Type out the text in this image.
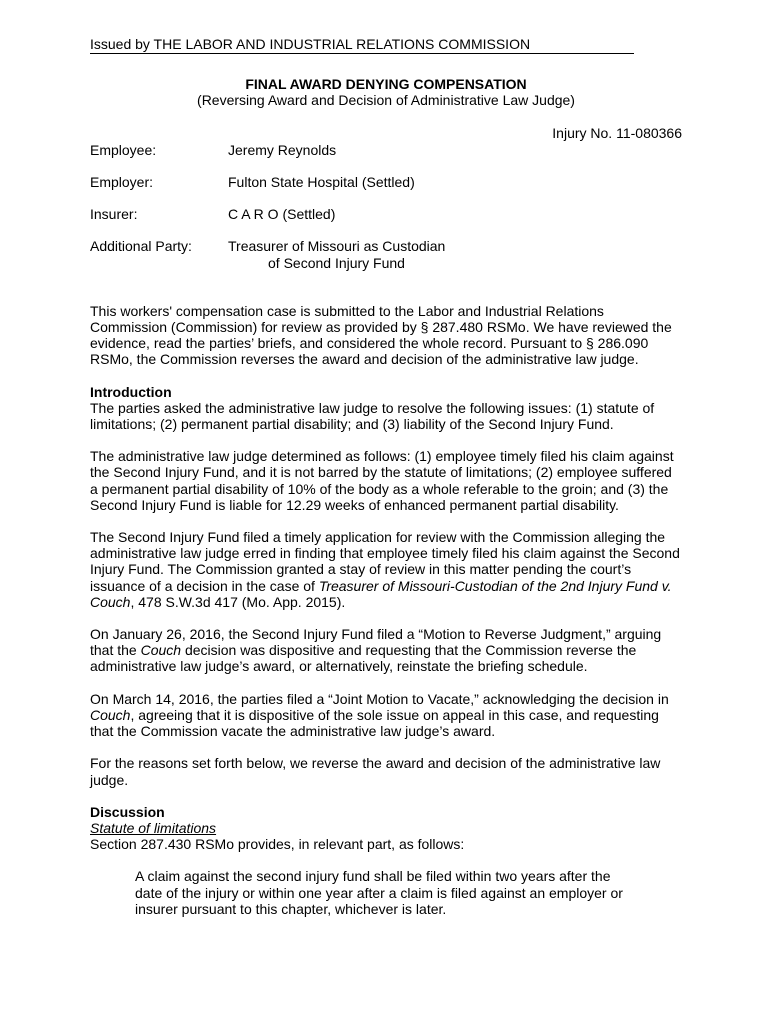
Issued by THE LABOR AND INDUSTRIAL RELATIONS COMMISSION
FINAL AWARD DENYING COMPENSATION
(Reversing Award and Decision of Administrative Law Judge)
Injury No. 11-080366
Employee:	Jeremy Reynolds
Employer:	Fulton State Hospital (Settled)
Insurer:	C A R O (Settled)
Additional Party:	Treasurer of Missouri as Custodian
of Second Injury Fund

This workers' compensation case is submitted to the Labor and Industrial Relations Commission (Commission) for review as provided by § 287.480 RSMo. We have reviewed the evidence, read the parties’ briefs, and considered the whole record. Pursuant to § 286.090 RSMo, the Commission reverses the award and decision of the administrative law judge.

Introduction

The parties asked the administrative law judge to resolve the following issues: (1) statute of limitations; (2) permanent partial disability; and (3) liability of the Second Injury Fund.

The administrative law judge determined as follows: (1) employee timely filed his claim against the Second Injury Fund, and it is not barred by the statute of limitations; (2) employee suffered a permanent partial disability of 10% of the body as a whole referable to the groin; and (3) the Second Injury Fund is liable for 12.29 weeks of enhanced permanent partial disability.

The Second Injury Fund filed a timely application for review with the Commission alleging the administrative law judge erred in finding that employee timely filed his claim against the Second Injury Fund. The Commission granted a stay of review in this matter pending the court’s issuance of a decision in the case of Treasurer of Missouri-Custodian of the 2nd Injury Fund v. Couch, 478 S.W.3d 417 (Mo. App. 2015).

On January 26, 2016, the Second Injury Fund filed a “Motion to Reverse Judgment,” arguing that the Couch decision was dispositive and requesting that the Commission reverse the administrative law judge’s award, or alternatively, reinstate the briefing schedule.

On March 14, 2016, the parties filed a “Joint Motion to Vacate,” acknowledging the decision in Couch, agreeing that it is dispositive of the sole issue on appeal in this case, and requesting that the Commission vacate the administrative law judge’s award.

For the reasons set forth below, we reverse the award and decision of the administrative law judge.

Discussion
Statute of limitations

Section 287.430 RSMo provides, in relevant part, as follows:

A claim against the second injury fund shall be filed within two years after the date of the injury or within one year after a claim is filed against an employer or insurer pursuant to this chapter, whichever is later.
